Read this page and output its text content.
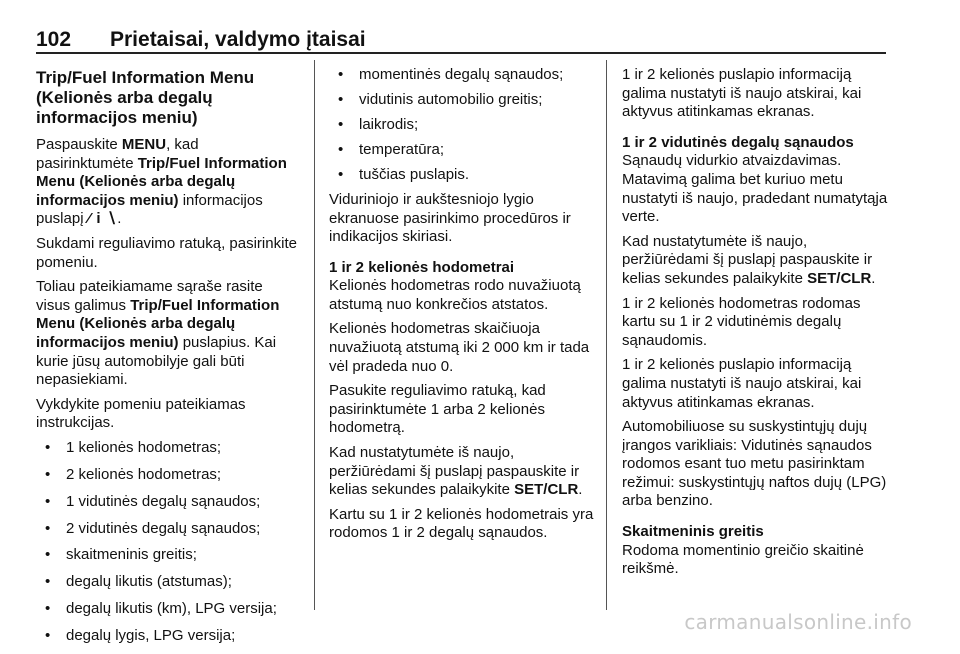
102 Prietaisai, valdymo įtaisai
Trip/Fuel Information Menu (Kelionės arba degalų informacijos meniu)

Paspauskite MENU, kad pasirinktumėte Trip/Fuel Information Menu (Kelionės arba degalų informacijos meniu) informacijos puslapį ⁄ i ∖.

Sukdami reguliavimo ratuką, pasirinkite pomeniu.

Toliau pateikiamame sąraše rasite visus galimus Trip/Fuel Information Menu (Kelionės arba degalų informacijos meniu) puslapius. Kai kurie jūsų automobilyje gali būti nepasiekiami.

Vykdykite pomeniu pateikiamas instrukcijas.

• 1 kelionės hodometras;
• 2 kelionės hodometras;
• 1 vidutinės degalų sąnaudos;
• 2 vidutinės degalų sąnaudos;
• skaitmeninis greitis;
• degalų likutis (atstumas);
• degalų likutis (km), LPG versija;
• degalų lygis, LPG versija;
• momentinės degalų sąnaudos;
• vidutinis automobilio greitis;
• laikrodis;
• temperatūra;
• tuščias puslapis.

Viduriniojo ir aukštesniojo lygio ekranuose pasirinkimo procedūros ir indikacijos skiriasi.

1 ir 2 kelionės hodometrai

Kelionės hodometras rodo nuvažiuotą atstumą nuo konkrečios atstatos.

Kelionės hodometras skaičiuoja nuvažiuotą atstumą iki 2 000 km ir tada vėl pradeda nuo 0.

Pasukite reguliavimo ratuką, kad pasirinktumėte 1 arba 2 kelionės hodometrą.

Kad nustatytumėte iš naujo, peržiūrėdami šį puslapį paspauskite ir kelias sekundes palaikykite SET/CLR.

Kartu su 1 ir 2 kelionės hodometrais yra rodomos 1 ir 2 degalų sąnaudos.

1 ir 2 kelionės puslapio informaciją galima nustatyti iš naujo atskirai, kai aktyvus atitinkamas ekranas.

1 ir 2 vidutinės degalų sąnaudos

Sąnaudų vidurkio atvaizdavimas. Matavimą galima bet kuriuo metu nustatyti iš naujo, pradedant numatytąja verte.

Kad nustatytumėte iš naujo, peržiūrėdami šį puslapį paspauskite ir kelias sekundes palaikykite SET/CLR.

1 ir 2 kelionės hodometras rodomas kartu su 1 ir 2 vidutinėmis degalų sąnaudomis.

1 ir 2 kelionės puslapio informaciją galima nustatyti iš naujo atskirai, kai aktyvus atitinkamas ekranas.

Automobiliuose su suskystintųjų dujų įrangos varikliais: Vidutinės sąnaudos rodomos esant tuo metu pasirinktam režimui: suskystintųjų naftos dujų (LPG) arba benzino.

Skaitmeninis greitis

Rodoma momentinio greičio skaitinė reikšmė.

carmanualsonline.info
